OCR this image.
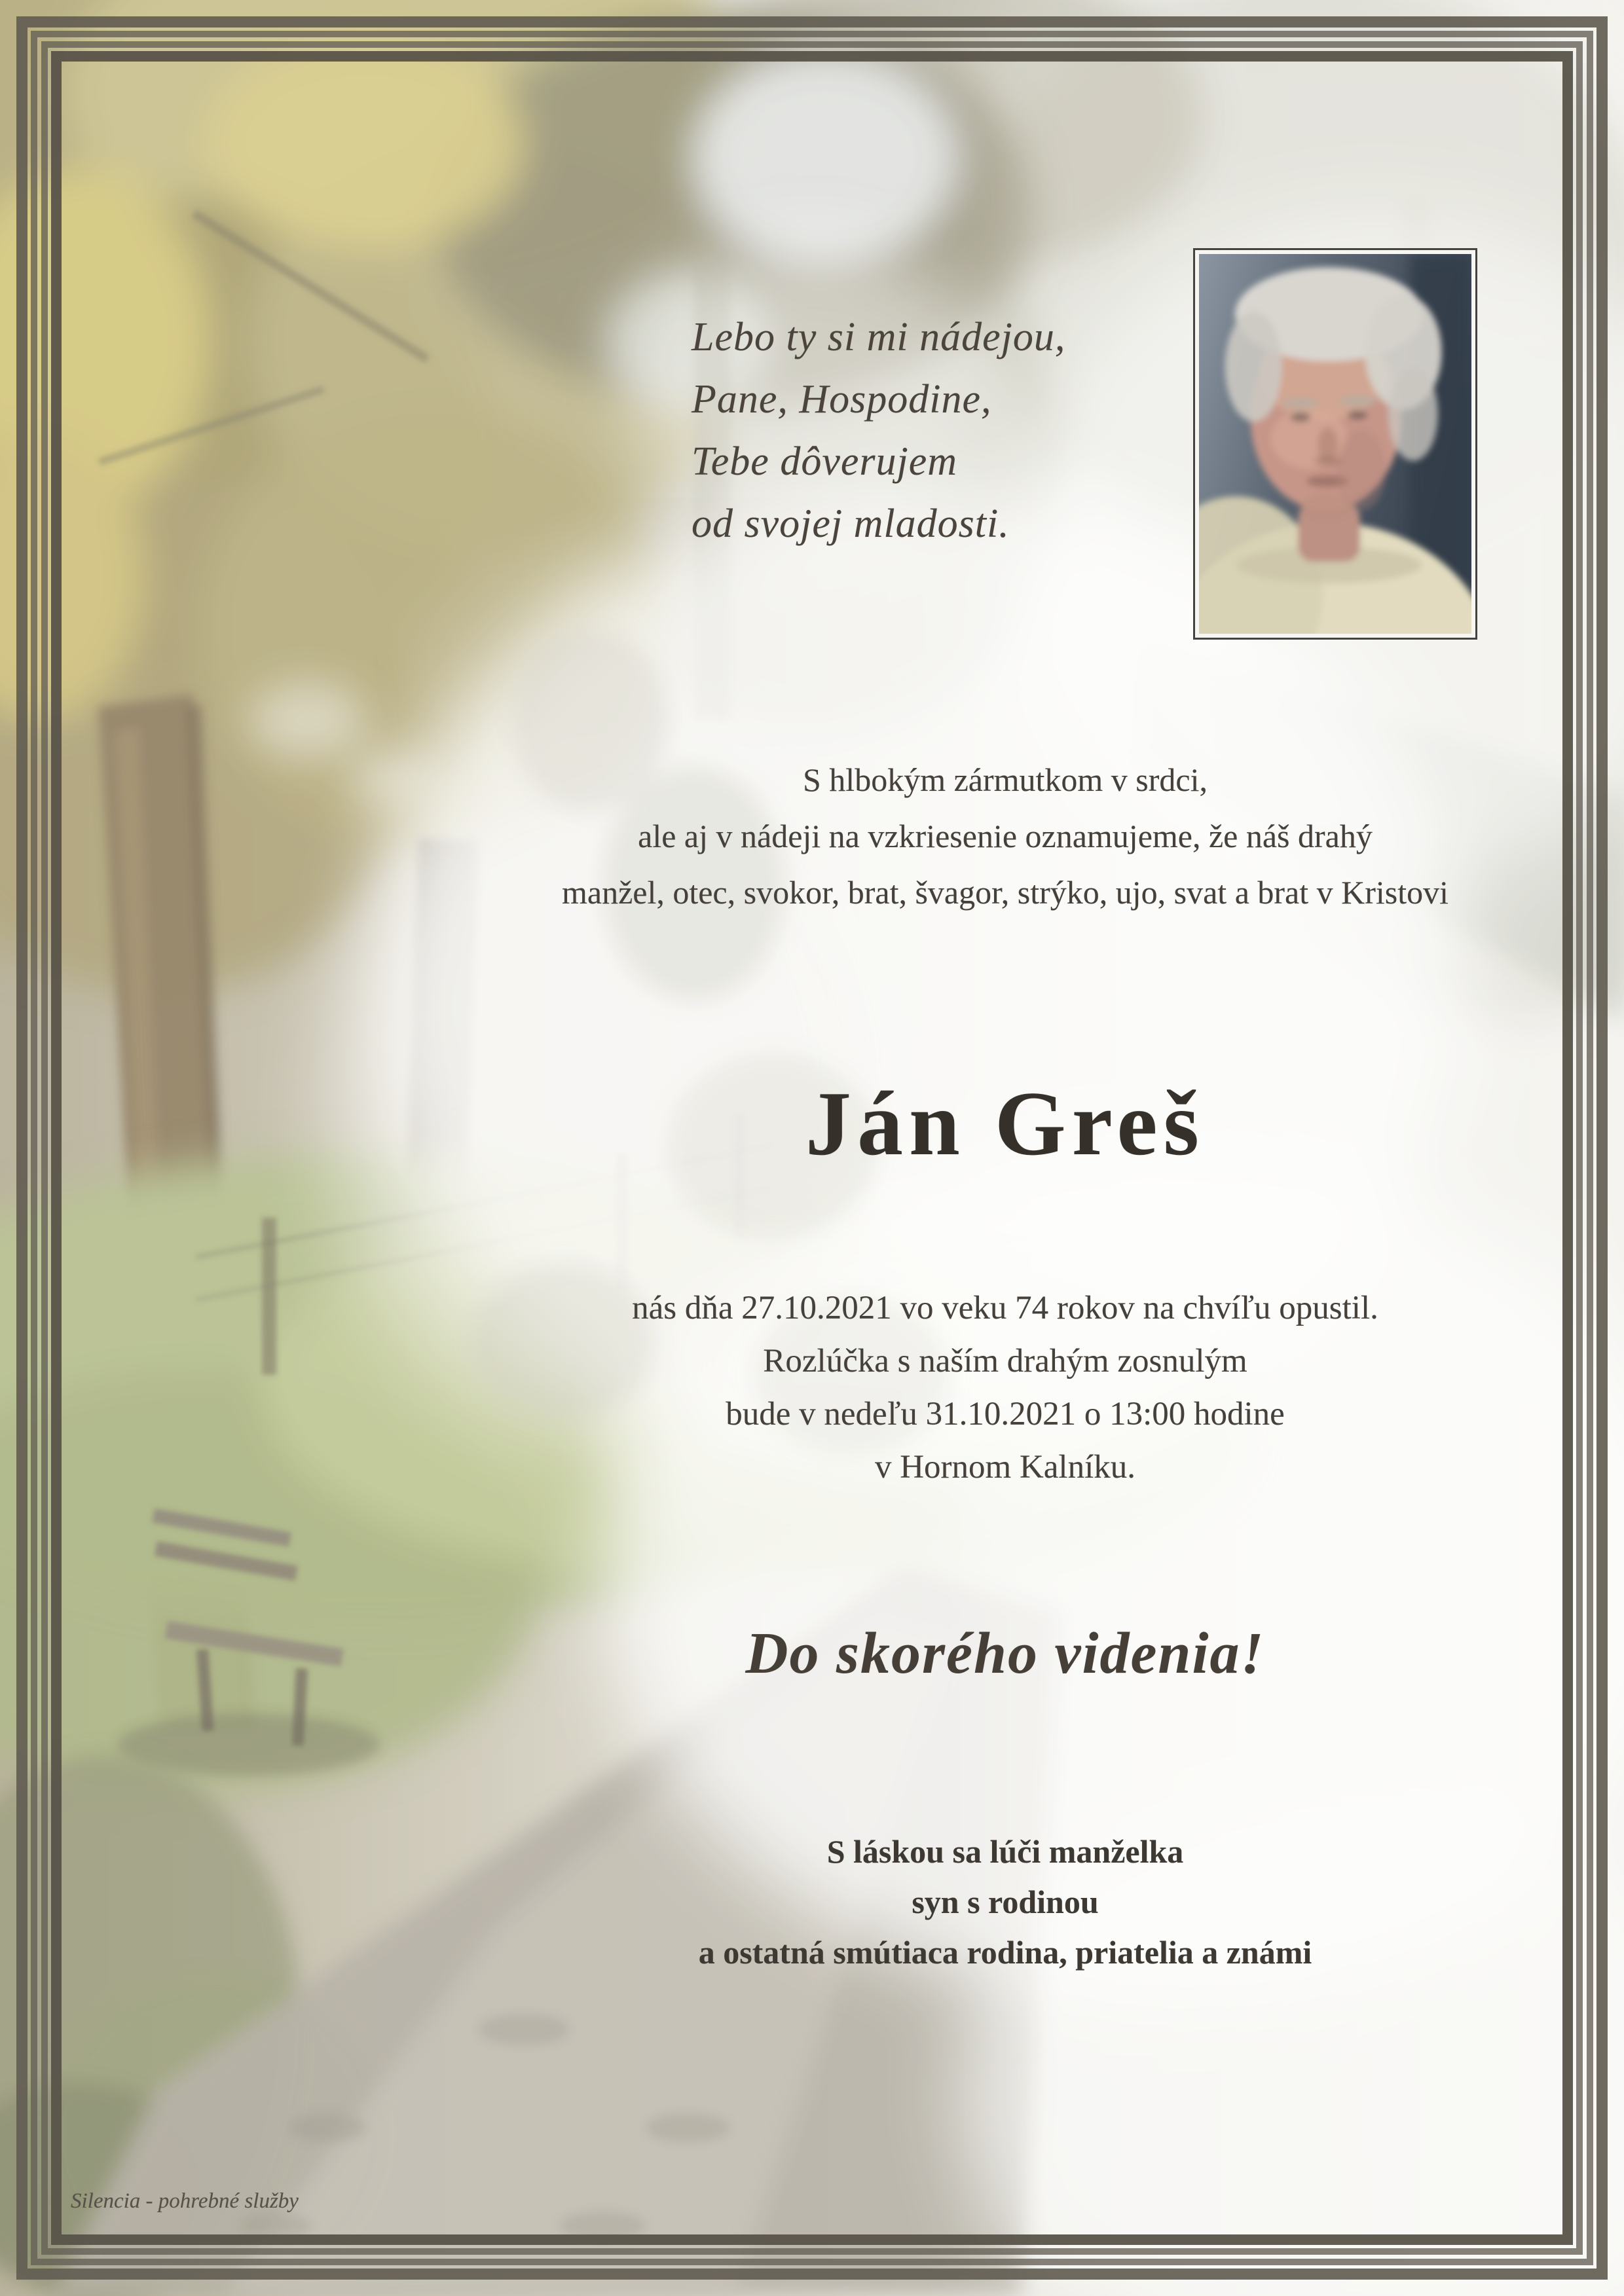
Lebo ty si mi nádejou,
Pane, Hospodine,
Tebe dôverujem
od svojej mladosti.
S hlbokým zármutkom v srdci,
ale aj v nádeji na vzkriesenie oznamujeme, že náš drahý
manžel, otec, svokor, brat, švagor, strýko, ujo, svat a brat v Kristovi
Ján Greš
nás dňa 27.10.2021 vo veku 74 rokov na chvíľu opustil.
Rozlúčka s naším drahým zosnulým
bude v nedeľu 31.10.2021 o 13:00 hodine
v Hornom Kalníku.
Do skorého videnia!
S láskou sa lúči manželka
syn s rodinou
a ostatná smútiaca rodina, priatelia a známi
Silencia - pohrebné služby
